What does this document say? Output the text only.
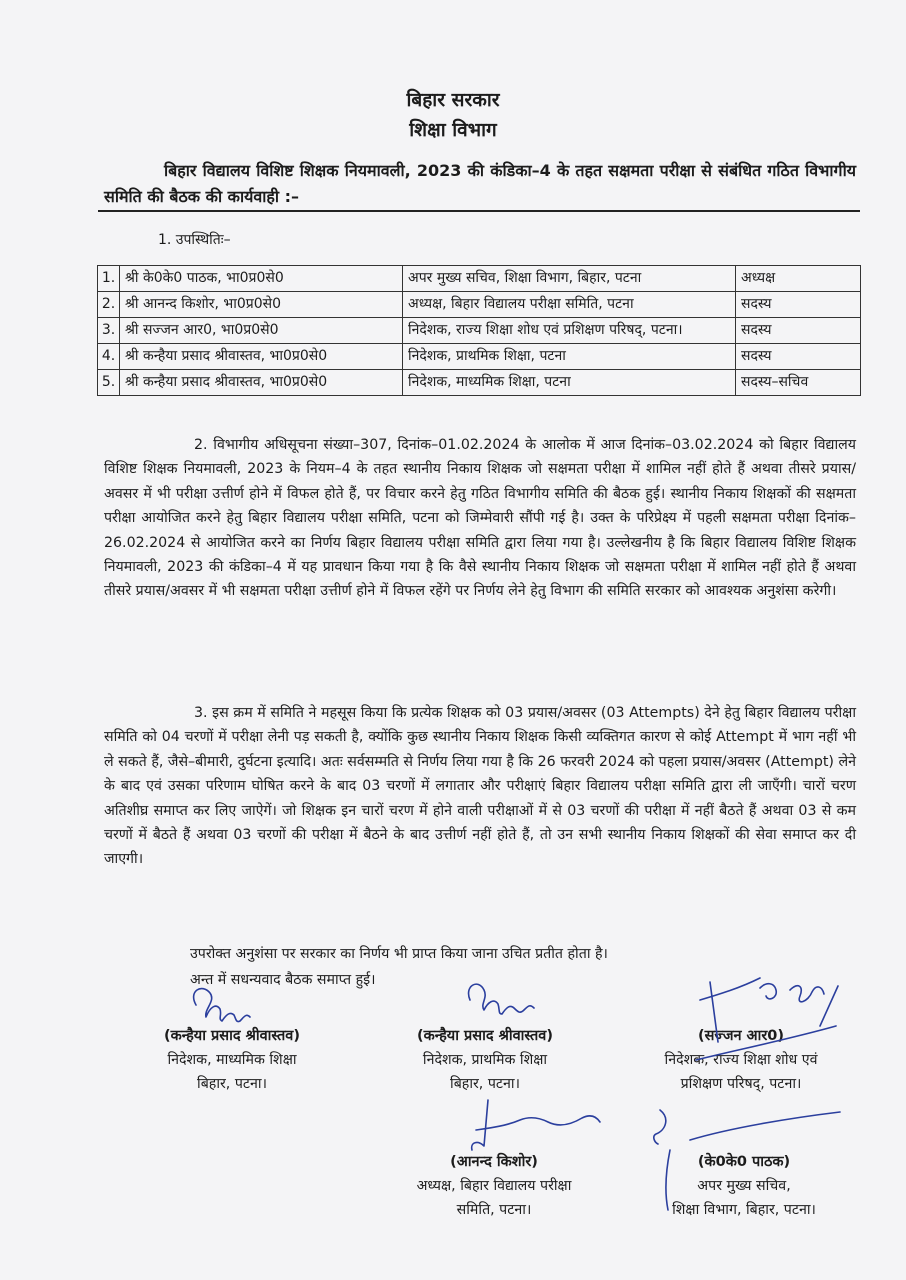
बिहार सरकार
शिक्षा विभाग
बिहार विद्यालय विशिष्ट शिक्षक नियमावली, 2023 की कंडिका–4 के तहत सक्षमता परीक्षा से संबंधित गठित विभागीय समिति की बैठक की कार्यवाही :–
1. उपस्थितिः–
1.	श्री के0के0 पाठक, भा0प्र0से0	अपर मुख्य सचिव, शिक्षा विभाग, बिहार, पटना	अध्यक्ष
2.	श्री आनन्द किशोर, भा0प्र0से0	अध्यक्ष, बिहार विद्यालय परीक्षा समिति, पटना	सदस्य
3.	श्री सज्जन आर0, भा0प्र0से0	निदेशक, राज्य शिक्षा शोध एवं प्रशिक्षण परिषद्, पटना।	सदस्य
4.	श्री कन्हैया प्रसाद श्रीवास्तव, भा0प्र0से0	निदेशक, प्राथमिक शिक्षा, पटना	सदस्य
5.	श्री कन्हैया प्रसाद श्रीवास्तव, भा0प्र0से0	निदेशक, माध्यमिक शिक्षा, पटना	सदस्य–सचिव
2. विभागीय अधिसूचना संख्या–307, दिनांक–01.02.2024 के आलोक में आज दिनांक–03.02.2024 को बिहार विद्यालय विशिष्ट शिक्षक नियमावली, 2023 के नियम–4 के तहत स्थानीय निकाय शिक्षक जो सक्षमता परीक्षा में शामिल नहीं होते हैं अथवा तीसरे प्रयास/अवसर में भी परीक्षा उत्तीर्ण होने में विफल होते हैं, पर विचार करने हेतु गठित विभागीय समिति की बैठक हुई। स्थानीय निकाय शिक्षकों की सक्षमता परीक्षा आयोजित करने हेतु बिहार विद्यालय परीक्षा समिति, पटना को जिम्मेवारी सौंपी गई है। उक्त के परिप्रेक्ष्य में पहली सक्षमता परीक्षा दिनांक–26.02.2024 से आयोजित करने का निर्णय बिहार विद्यालय परीक्षा समिति द्वारा लिया गया है। उल्लेखनीय है कि बिहार विद्यालय विशिष्ट शिक्षक नियमावली, 2023 की कंडिका–4 में यह प्रावधान किया गया है कि वैसे स्थानीय निकाय शिक्षक जो सक्षमता परीक्षा में शामिल नहीं होते हैं अथवा तीसरे प्रयास/अवसर में भी सक्षमता परीक्षा उत्तीर्ण होने में विफल रहेंगे पर निर्णय लेने हेतु विभाग की समिति सरकार को आवश्यक अनुशंसा करेगी।
3. इस क्रम में समिति ने महसूस किया कि प्रत्येक शिक्षक को 03 प्रयास/अवसर (03 Attempts) देने हेतु बिहार विद्यालय परीक्षा समिति को 04 चरणों में परीक्षा लेनी पड़ सकती है, क्योंकि कुछ स्थानीय निकाय शिक्षक किसी व्यक्तिगत कारण से कोई Attempt में भाग नहीं भी ले सकते हैं, जैसे–बीमारी, दुर्घटना इत्यादि। अतः सर्वसम्मति से निर्णय लिया गया है कि 26 फरवरी 2024 को पहला प्रयास/अवसर (Attempt) लेने के बाद एवं उसका परिणाम घोषित करने के बाद 03 चरणों में लगातार और परीक्षाएं बिहार विद्यालय परीक्षा समिति द्वारा ली जाएँगी। चारों चरण अतिशीघ्र समाप्त कर लिए जाऐगें। जो शिक्षक इन चारों चरण में होने वाली परीक्षाओं में से 03 चरणों की परीक्षा में नहीं बैठते हैं अथवा 03 से कम चरणों में बैठते हैं अथवा 03 चरणों की परीक्षा में बैठने के बाद उत्तीर्ण नहीं होते हैं, तो उन सभी स्थानीय निकाय शिक्षकों की सेवा समाप्त कर दी जाएगी।
उपरोक्त अनुशंसा पर सरकार का निर्णय भी प्राप्त किया जाना उचित प्रतीत होता है।
अन्त में सधन्यवाद बैठक समाप्त हुई।
(कन्हैया प्रसाद श्रीवास्तव)
निदेशक, माध्यमिक शिक्षा
बिहार, पटना।
(कन्हैया प्रसाद श्रीवास्तव)
निदेशक, प्राथमिक शिक्षा
बिहार, पटना।
(सज्जन आर0)
निदेशक, राज्य शिक्षा शोध एवं
प्रशिक्षण परिषद्, पटना।
(आनन्द किशोर)
अध्यक्ष, बिहार विद्यालय परीक्षा
समिति, पटना।
(के0के0 पाठक)
अपर मुख्य सचिव,
शिक्षा विभाग, बिहार, पटना।
